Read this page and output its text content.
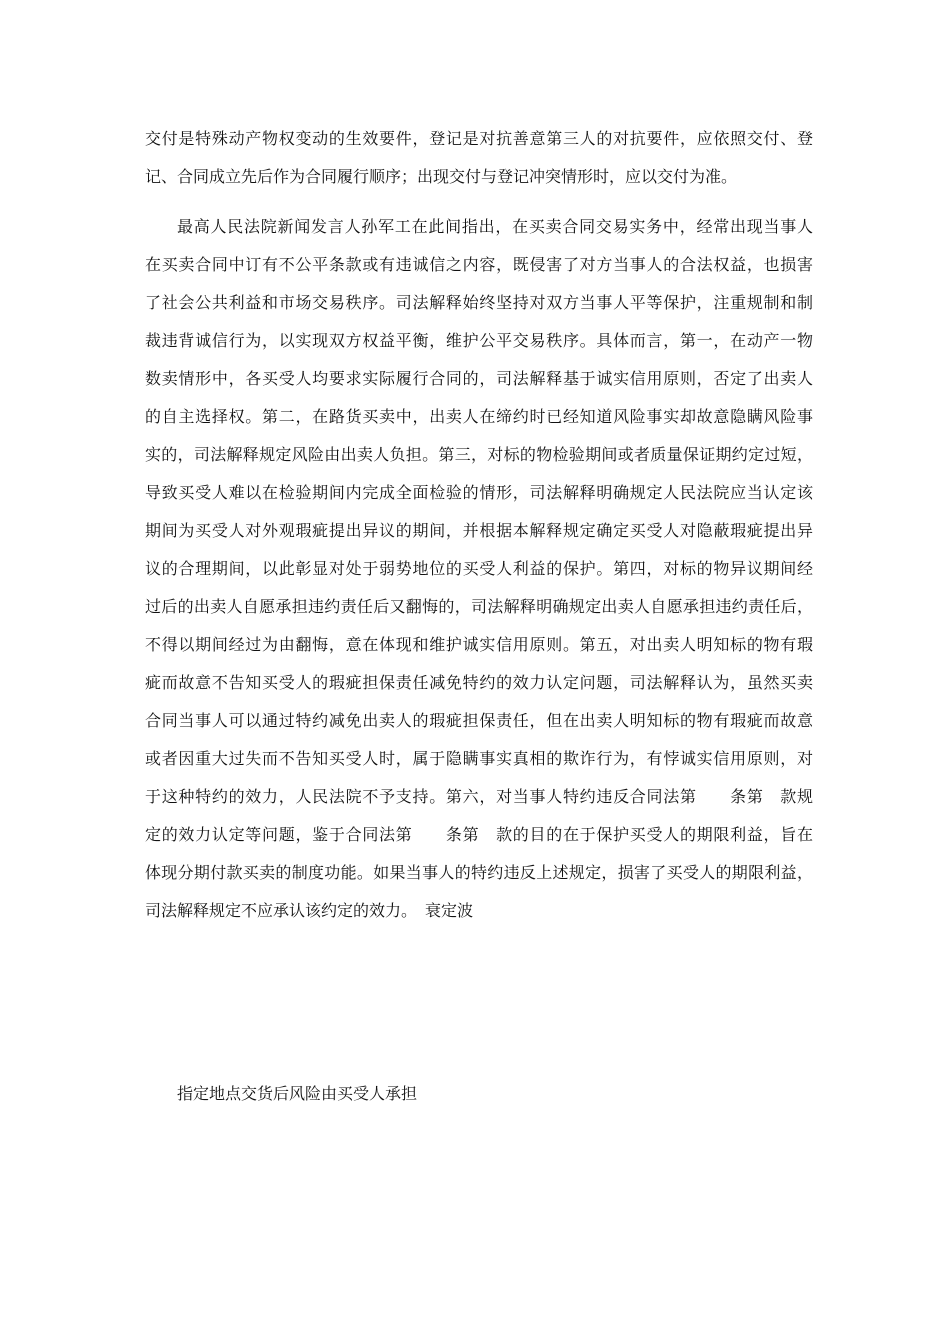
交付是特殊动产物权变动的生效要件，登记是对抗善意第三人的对抗要件，应依照交付、登
记、合同成立先后作为合同履行顺序；出现交付与登记冲突情形时，应以交付为准。
最高人民法院新闻发言人孙军工在此间指出，在买卖合同交易实务中，经常出现当事人
在买卖合同中订有不公平条款或有违诚信之内容，既侵害了对方当事人的合法权益，也损害
了社会公共利益和市场交易秩序。司法解释始终坚持对双方当事人平等保护，注重规制和制
裁违背诚信行为，以实现双方权益平衡，维护公平交易秩序。具体而言，第一，在动产一物
数卖情形中，各买受人均要求实际履行合同的，司法解释基于诚实信用原则，否定了出卖人
的自主选择权。第二，在路货买卖中，出卖人在缔约时已经知道风险事实却故意隐瞒风险事
实的，司法解释规定风险由出卖人负担。第三，对标的物检验期间或者质量保证期约定过短，
导致买受人难以在检验期间内完成全面检验的情形，司法解释明确规定人民法院应当认定该
期间为买受人对外观瑕疵提出异议的期间，并根据本解释规定确定买受人对隐蔽瑕疵提出异
议的合理期间，以此彰显对处于弱势地位的买受人利益的保护。第四，对标的物异议期间经
过后的出卖人自愿承担违约责任后又翻悔的，司法解释明确规定出卖人自愿承担违约责任后，
不得以期间经过为由翻悔，意在体现和维护诚实信用原则。第五，对出卖人明知标的物有瑕
疵而故意不告知买受人的瑕疵担保责任减免特约的效力认定问题，司法解释认为，虽然买卖
合同当事人可以通过特约减免出卖人的瑕疵担保责任，但在出卖人明知标的物有瑕疵而故意
或者因重大过失而不告知买受人时，属于隐瞒事实真相的欺诈行为，有悖诚实信用原则，对
于这种特约的效力，人民法院不予支持。第六，对当事人特约违反合同法第　　条第　款规
定的效力认定等问题，鉴于合同法第　　条第　款的目的在于保护买受人的期限利益，旨在
体现分期付款买卖的制度功能。如果当事人的特约违反上述规定，损害了买受人的期限利益，
司法解释规定不应承认该约定的效力。　衰定波
指定地点交货后风险由买受人承担
